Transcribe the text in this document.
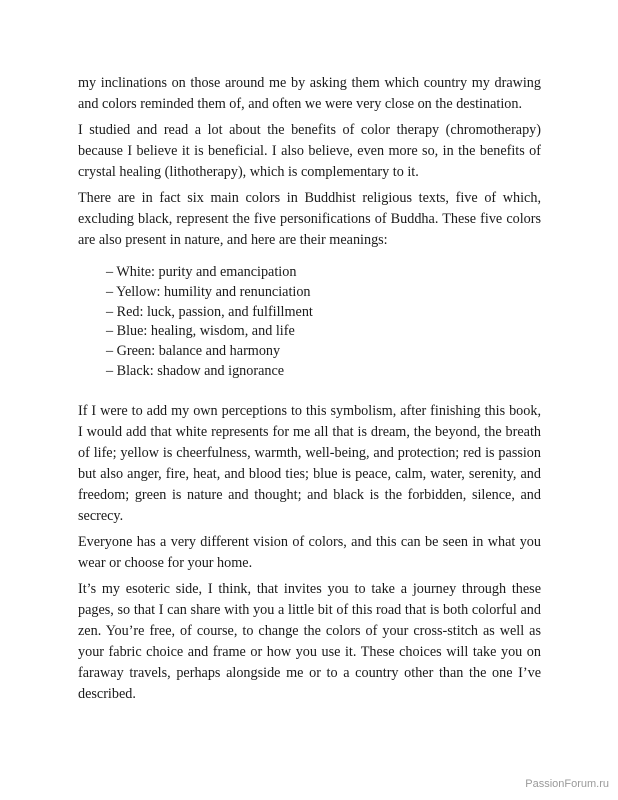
my inclinations on those around me by asking them which country my drawing and colors reminded them of, and often we were very close on the destination.

I studied and read a lot about the benefits of color therapy (chromotherapy) because I believe it is beneficial. I also believe, even more so, in the benefits of crystal healing (lithotherapy), which is complementary to it.

There are in fact six main colors in Buddhist religious texts, five of which, excluding black, represent the five personifications of Buddha. These five colors are also present in nature, and here are their meanings:

– White: purity and emancipation
– Yellow: humility and renunciation
– Red: luck, passion, and fulfillment
– Blue: healing, wisdom, and life
– Green: balance and harmony
– Black: shadow and ignorance

If I were to add my own perceptions to this symbolism, after finishing this book, I would add that white represents for me all that is dream, the beyond, the breath of life; yellow is cheerfulness, warmth, well-being, and protection; red is passion but also anger, fire, heat, and blood ties; blue is peace, calm, water, serenity, and freedom; green is nature and thought; and black is the forbidden, silence, and secrecy.

Everyone has a very different vision of colors, and this can be seen in what you wear or choose for your home.

It’s my esoteric side, I think, that invites you to take a journey through these pages, so that I can share with you a little bit of this road that is both colorful and zen. You’re free, of course, to change the colors of your cross-stitch as well as your fabric choice and frame or how you use it. These choices will take you on faraway travels, perhaps alongside me or to a country other than the one I’ve described.

PassionForum.ru
